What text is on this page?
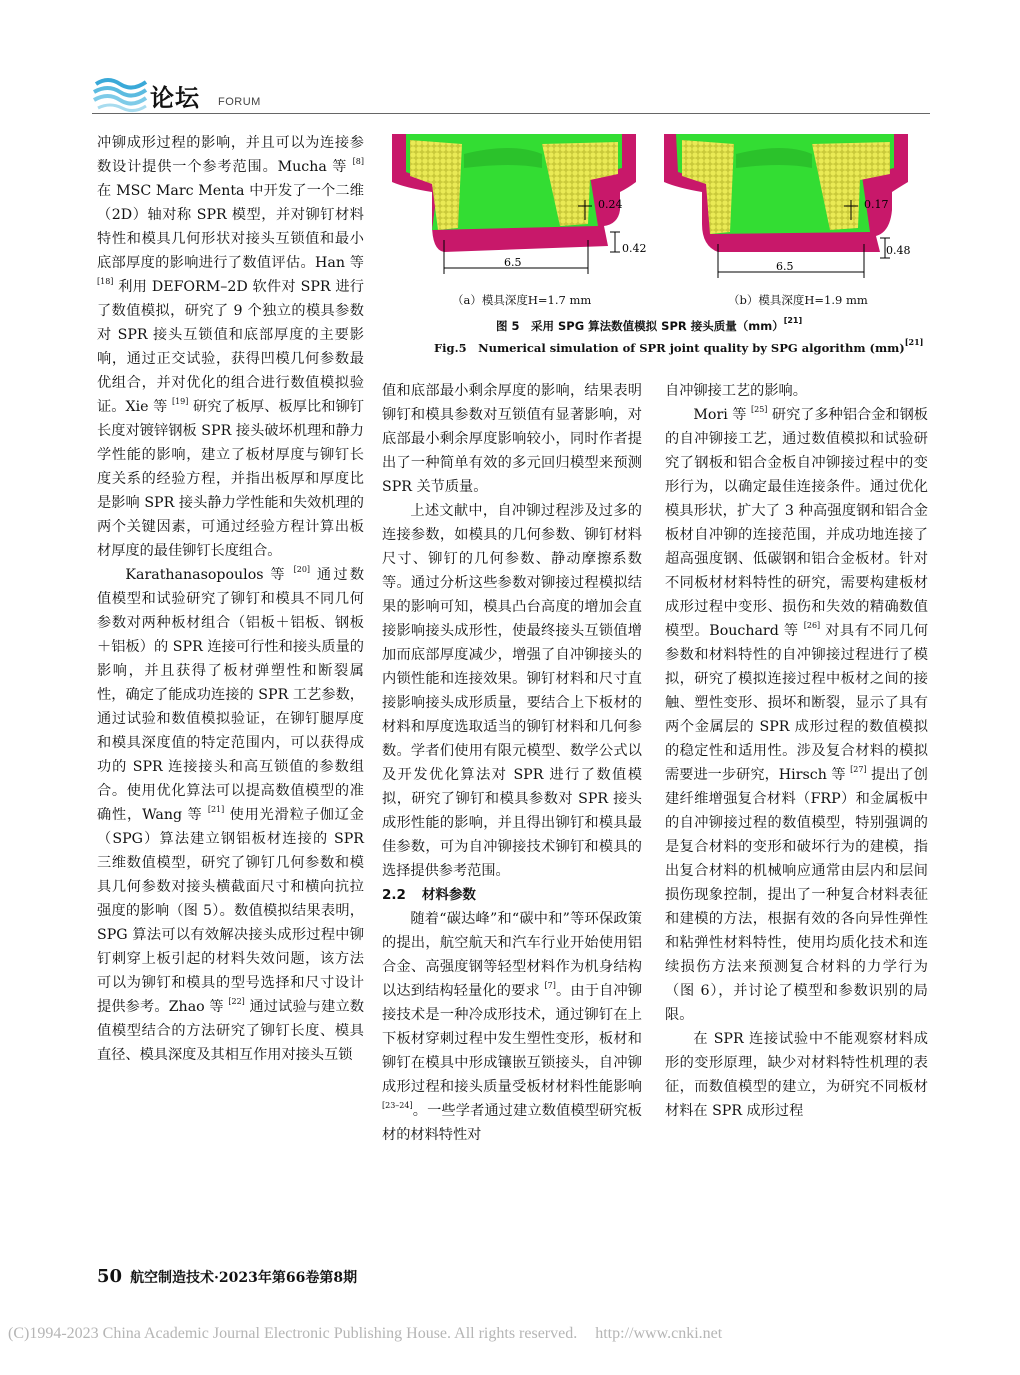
论坛 FORUM

冲铆成形过程的影响，并且可以为连接参数设计提供一个参考范围。Mucha 等 [8] 在 MSC Marc Menta 中开发了一个二维（2D）轴对称 SPR 模型，并对铆钉材料特性和模具几何形状对接头互锁值和最小底部厚度的影响进行了数值评估。Han 等 [18] 利用 DEFORM–2D 软件对 SPR 进行了数值模拟，研究了 9 个独立的模具参数对 SPR 接头互锁值和底部厚度的主要影响，通过正交试验，获得凹模几何参数最优组合，并对优化的组合进行数值模拟验证。Xie 等 [19] 研究了板厚、板厚比和铆钉长度对镀锌钢板 SPR 接头破坏机理和静力学性能的影响，建立了板材厚度与铆钉长度关系的经验方程，并指出板厚和厚度比是影响 SPR 接头静力学性能和失效机理的两个关键因素，可通过经验方程计算出板材厚度的最佳铆钉长度组合。

Karathanasopoulos 等 [20] 通过数值模型和试验研究了铆钉和模具不同几何参数对两种板材组合（铝板＋铝板、钢板＋铝板）的 SPR 连接可行性和接头质量的影响，并且获得了板材弹塑性和断裂属性，确定了能成功连接的 SPR 工艺参数，通过试验和数值模拟验证，在铆钉腿厚度和模具深度值的特定范围内，可以获得成功的 SPR 连接接头和高互锁值的参数组合。使用优化算法可以提高数值模型的准确性，Wang 等 [21] 使用光滑粒子伽辽金（SPG）算法建立钢铝板材连接的 SPR 三维数值模型，研究了铆钉几何参数和模具几何参数对接头横截面尺寸和横向抗拉强度的影响（图 5）。数值模拟结果表明，SPG 算法可以有效解决接头成形过程中铆钉刺穿上板引起的材料失效问题，该方法可以为铆钉和模具的型号选择和尺寸设计提供参考。Zhao 等 [22] 通过试验与建立数值模型结合的方法研究了铆钉长度、模具直径、模具深度及其相互作用对接头互锁

0.24
0.42
6.5
0.17
0.48
6.5
（a）模具深度H=1.7 mm	（b）模具深度H=1.9 mm
图 5　采用 SPG 算法数值模拟 SPR 接头质量（mm）[21]
Fig.5　Numerical simulation of SPR joint quality by SPG algorithm (mm)[21]

值和底部最小剩余厚度的影响，结果表明铆钉和模具参数对互锁值有显著影响，对底部最小剩余厚度影响较小，同时作者提出了一种简单有效的多元回归模型来预测 SPR 关节质量。

上述文献中，自冲铆过程涉及过多的连接参数，如模具的几何参数、铆钉材料尺寸、铆钉的几何参数、静动摩擦系数等。通过分析这些参数对铆接过程模拟结果的影响可知，模具凸台高度的增加会直接影响接头成形性，使最终接头互锁值增加而底部厚度减少，增强了自冲铆接头的内锁性能和连接效果。铆钉材料和尺寸直接影响接头成形质量，要结合上下板材的材料和厚度选取适当的铆钉材料和几何参数。学者们使用有限元模型、数学公式以及开发优化算法对 SPR 进行了数值模拟，研究了铆钉和模具参数对 SPR 接头成形性能的影响，并且得出铆钉和模具最佳参数，可为自冲铆接技术铆钉和模具的选择提供参考范围。

2.2 材料参数

随着“碳达峰”和“碳中和”等环保政策的提出，航空航天和汽车行业开始使用铝合金、高强度钢等轻型材料作为机身结构以达到结构轻量化的要求 [7]。由于自冲铆接技术是一种冷成形技术，通过铆钉在上下板材穿刺过程中发生塑性变形，板材和铆钉在模具中形成镶嵌互锁接头，自冲铆成形过程和接头质量受板材材料性能影响 [23–24]。一些学者通过建立数值模型研究板材的材料特性对

自冲铆接工艺的影响。

Mori 等 [25] 研究了多种铝合金和钢板的自冲铆接工艺，通过数值模拟和试验研究了钢板和铝合金板自冲铆接过程中的变形行为，以确定最佳连接条件。通过优化模具形状，扩大了 3 种高强度钢和铝合金板材自冲铆的连接范围，并成功地连接了超高强度钢、低碳钢和铝合金板材。针对不同板材材料特性的研究，需要构建板材成形过程中变形、损伤和失效的精确数值模型。Bouchard 等 [26] 对具有不同几何参数和材料特性的自冲铆接过程进行了模拟，研究了模拟连接过程中板材之间的接触、塑性变形、损坏和断裂，显示了具有两个金属层的 SPR 成形过程的数值模拟的稳定性和适用性。涉及复合材料的模拟需要进一步研究，Hirsch 等 [27] 提出了创建纤维增强复合材料（FRP）和金属板中的自冲铆接过程的数值模型，特别强调的是复合材料的变形和破坏行为的建模，指出复合材料的机械响应通常由层内和层间损伤现象控制，提出了一种复合材料表征和建模的方法，根据有效的各向异性弹性和粘弹性材料特性，使用均质化技术和连续损伤方法来预测复合材料的力学行为（图 6），并讨论了模型和参数识别的局限。

在 SPR 连接试验中不能观察材料成形的变形原理，缺少对材料特性机理的表征，而数值模型的建立，为研究不同板材材料在 SPR 成形过程

50 航空制造技术·2023年第66卷第8期
(C)1994-2023 China Academic Journal Electronic Publishing House. All rights reserved. http://www.cnki.net
